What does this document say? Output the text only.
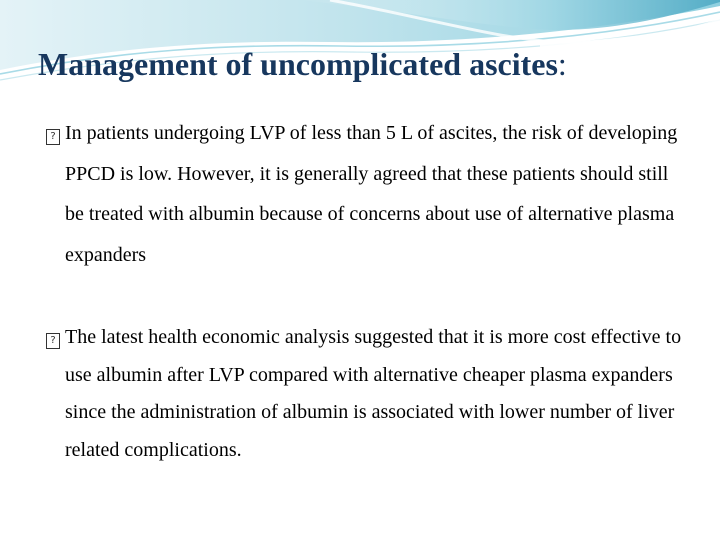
Management of uncomplicated ascites:

? In patients undergoing LVP of less than 5 L of ascites, the risk of developing PPCD is low. However, it is generally agreed that these patients should still be treated with albumin because of concerns about use of alternative plasma expanders

? The latest health economic analysis suggested that it is more cost effective to use albumin after LVP compared with alternative cheaper plasma expanders since the administration of albumin is associated with lower number of liver related complications.
